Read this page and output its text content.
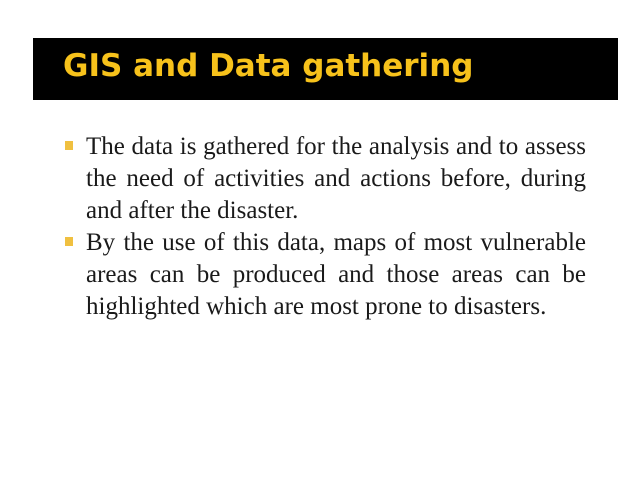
GIS and Data gathering
The data is gathered for the analysis and to assess the need of activities and actions before, during and after the disaster.
By the use of this data, maps of most vulnerable areas can be produced and those areas can be highlighted which are most prone to disasters.
